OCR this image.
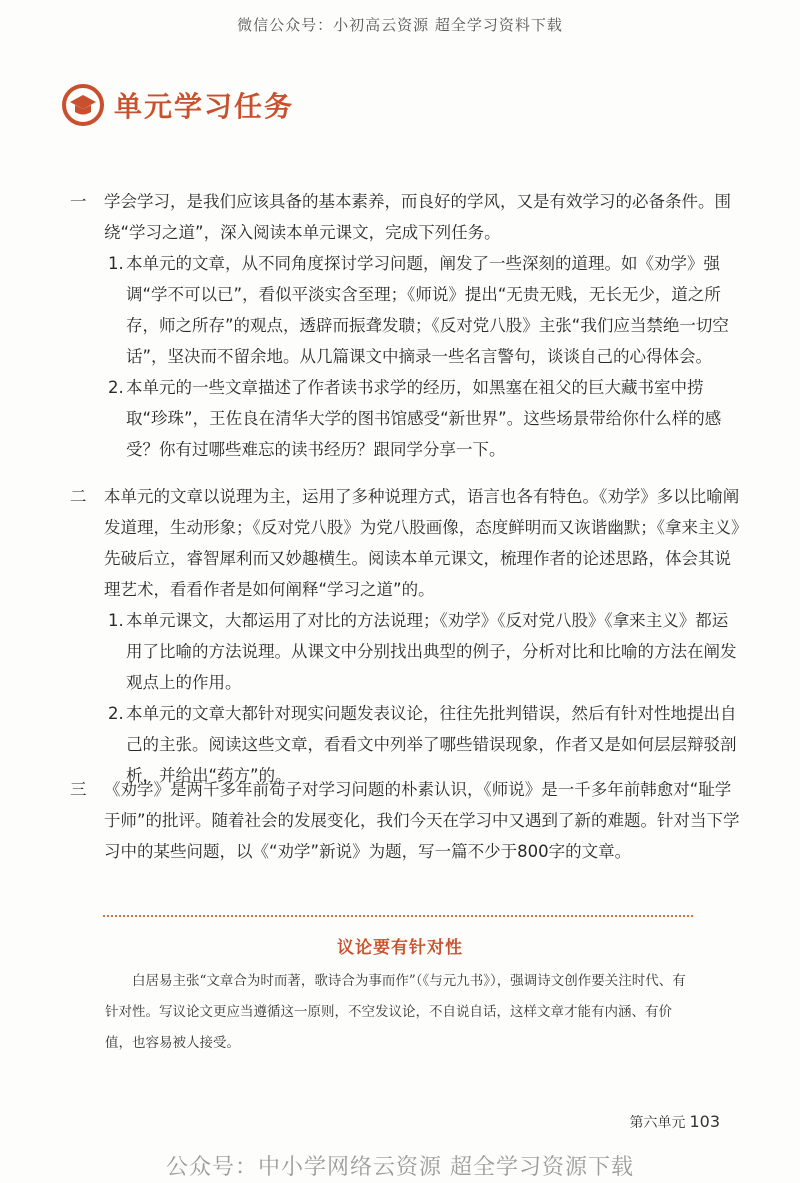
微信公众号：小初高云资源 超全学习资料下载
单元学习任务
一 学会学习，是我们应该具备的基本素养，而良好的学风，又是有效学习的必备条件。围绕“学习之道”，深入阅读本单元课文，完成下列任务。
1. 本单元的文章，从不同角度探讨学习问题，阐发了一些深刻的道理。如《劝学》强调“学不可以已”，看似平淡实含至理；《师说》提出“无贵无贱，无长无少，道之所存，师之所存”的观点，透辟而振聋发聩；《反对党八股》主张“我们应当禁绝一切空话”，坚决而不留余地。从几篇课文中摘录一些名言警句，谈谈自己的心得体会。
2. 本单元的一些文章描述了作者读书求学的经历，如黑塞在祖父的巨大藏书室中捞取“珍珠”，王佐良在清华大学的图书馆感受“新世界”。这些场景带给你什么样的感受？你有过哪些难忘的读书经历？跟同学分享一下。
二 本单元的文章以说理为主，运用了多种说理方式，语言也各有特色。《劝学》多以比喻阐发道理，生动形象；《反对党八股》为党八股画像，态度鲜明而又诙谐幽默；《拿来主义》先破后立，睿智犀利而又妙趣横生。阅读本单元课文，梳理作者的论述思路，体会其说理艺术，看看作者是如何阐释“学习之道”的。
1. 本单元课文，大都运用了对比的方法说理；《劝学》《反对党八股》《拿来主义》都运用了比喻的方法说理。从课文中分别找出典型的例子，分析对比和比喻的方法在阐发观点上的作用。
2. 本单元的文章大都针对现实问题发表议论，往往先批判错误，然后有针对性地提出自己的主张。阅读这些文章，看看文中列举了哪些错误现象，作者又是如何层层辩驳剖析，并给出“药方”的。
三 《劝学》是两千多年前荀子对学习问题的朴素认识，《师说》是一千多年前韩愈对“耻学于师”的批评。随着社会的发展变化，我们今天在学习中又遇到了新的难题。针对当下学习中的某些问题，以《“劝学”新说》为题，写一篇不少于800字的文章。
议论要有针对性
白居易主张“文章合为时而著，歌诗合为事而作”（《与元九书》），强调诗文创作要关注时代、有针对性。写议论文更应当遵循这一原则，不空发议论，不自说自话，这样文章才能有内涵、有价值，也容易被人接受。
第六单元 103
公众号：中小学网络云资源 超全学习资源下载
